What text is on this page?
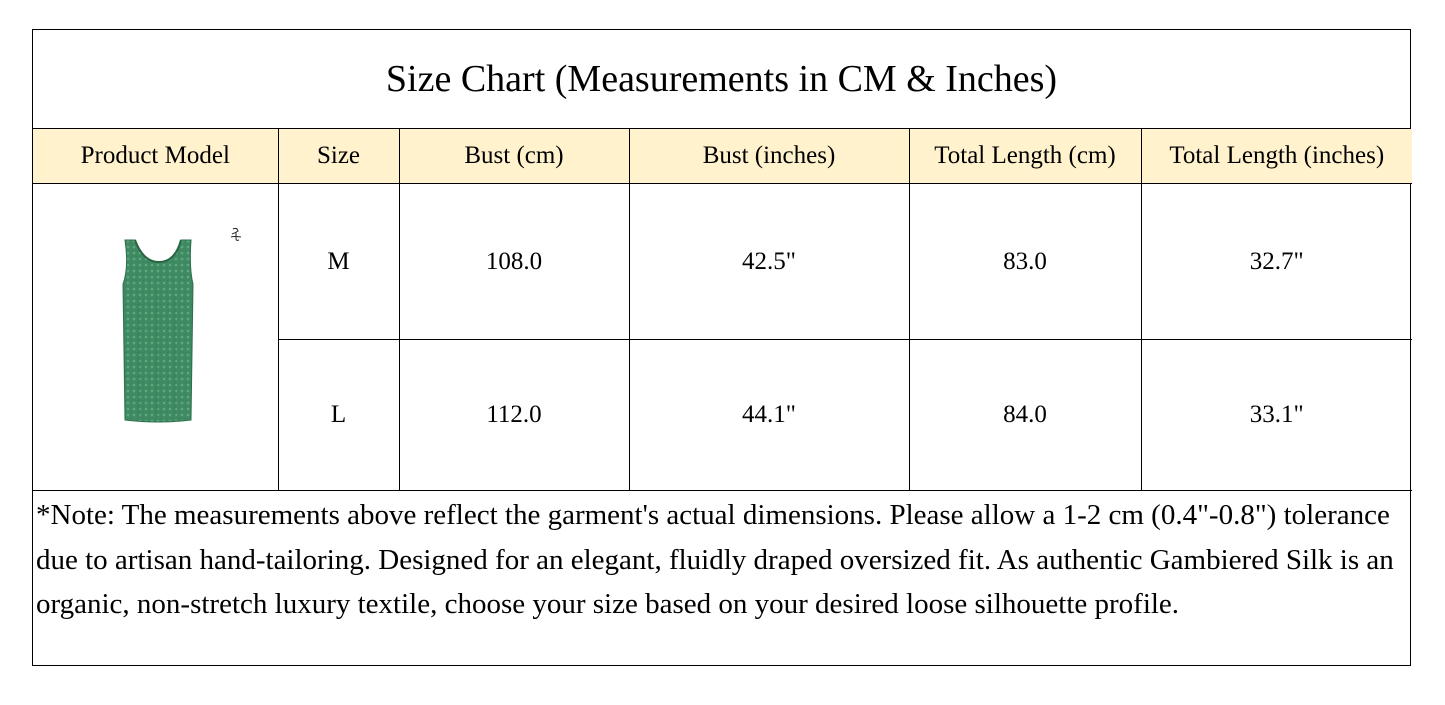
Size Chart (Measurements in CM & Inches)
Product Model	Size	Bust (cm)	Bust (inches)	Total Length (cm)	Total Length (inches)

	M	108.0	42.5"	83.0	32.7"
	L	112.0	44.1"	84.0	33.1"
*Note: The measurements above reflect the garment's actual dimensions. Please allow a 1-2 cm (0.4"-0.8") tolerance due to artisan hand-tailoring. Designed for an elegant, fluidly draped oversized fit. As authentic Gambiered Silk is an organic, non-stretch luxury textile, choose your size based on your desired loose silhouette profile.
